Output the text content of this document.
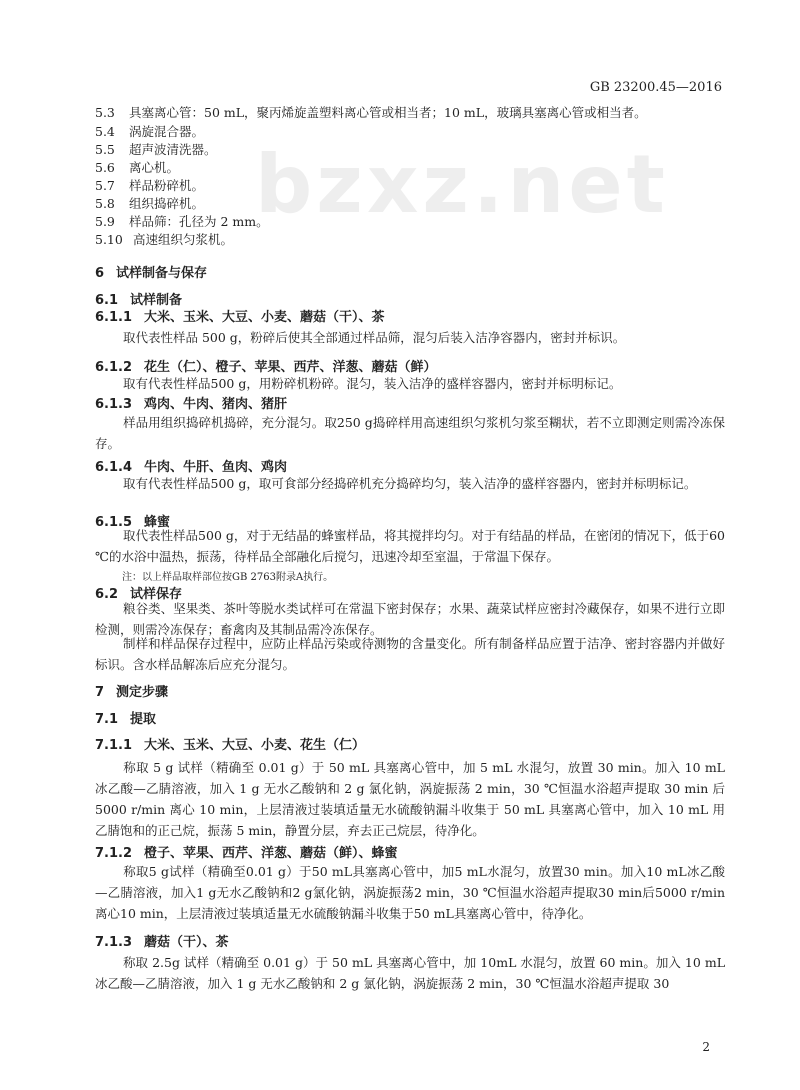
bzxz.net
GB 23200.45—2016
5.3 具塞离心管：50 mL，聚丙烯旋盖塑料离心管或相当者；10 mL，玻璃具塞离心管或相当者。
5.4 涡旋混合器。
5.5 超声波清洗器。
5.6 离心机。
5.7 样品粉碎机。
5.8 组织捣碎机。
5.9 样品筛：孔径为 2 mm。
5.10 高速组织匀浆机。
6 试样制备与保存
6.1 试样制备
6.1.1 大米、玉米、大豆、小麦、蘑菇（干）、茶
取代表性样品 500 g，粉碎后使其全部通过样品筛，混匀后装入洁净容器内，密封并标识。
6.1.2 花生（仁）、橙子、苹果、西芹、洋葱、蘑菇（鲜）
取有代表性样品500 g，用粉碎机粉碎。混匀，装入洁净的盛样容器内，密封并标明标记。
6.1.3 鸡肉、牛肉、猪肉、猪肝
样品用组织捣碎机捣碎，充分混匀。取250 g捣碎样用高速组织匀浆机匀浆至糊状，若不立即测定则需冷冻保存。
6.1.4 牛肉、牛肝、鱼肉、鸡肉
取有代表性样品500 g，取可食部分经捣碎机充分捣碎均匀，装入洁净的盛样容器内，密封并标明标记。
6.1.5 蜂蜜
取代表性样品500 g，对于无结晶的蜂蜜样品，将其搅拌均匀。对于有结晶的样品，在密闭的情况下，低于60 ℃的水浴中温热，振荡，待样品全部融化后搅匀，迅速冷却至室温，于常温下保存。
注：以上样品取样部位按GB 2763附录A执行。
6.2 试样保存
粮谷类、坚果类、茶叶等脱水类试样可在常温下密封保存；水果、蔬菜试样应密封冷藏保存，如果不进行立即检测，则需冷冻保存；畜禽肉及其制品需冷冻保存。
制样和样品保存过程中，应防止样品污染或待测物的含量变化。所有制备样品应置于洁净、密封容器内并做好标识。含水样品解冻后应充分混匀。
7 测定步骤
7.1 提取
7.1.1 大米、玉米、大豆、小麦、花生（仁）
称取 5 g 试样（精确至 0.01 g）于 50 mL 具塞离心管中，加 5 mL 水混匀，放置 30 min。加入 10 mL 冰乙酸—乙腈溶液，加入 1 g 无水乙酸钠和 2 g 氯化钠，涡旋振荡 2 min，30 ℃恒温水浴超声提取 30 min 后 5000 r/min 离心 10 min，上层清液过装填适量无水硫酸钠漏斗收集于 50 mL 具塞离心管中，加入 10 mL 用乙腈饱和的正己烷，振荡 5 min，静置分层，弃去正己烷层，待净化。
7.1.2 橙子、苹果、西芹、洋葱、蘑菇（鲜）、蜂蜜
称取5 g试样（精确至0.01 g）于50 mL具塞离心管中，加5 mL水混匀，放置30 min。加入10 mL冰乙酸—乙腈溶液，加入1 g无水乙酸钠和2 g氯化钠，涡旋振荡2 min，30 ℃恒温水浴超声提取30 min后5000 r/min离心10 min，上层清液过装填适量无水硫酸钠漏斗收集于50 mL具塞离心管中，待净化。
7.1.3 蘑菇（干）、茶
称取 2.5g 试样（精确至 0.01 g）于 50 mL 具塞离心管中，加 10mL 水混匀，放置 60 min。加入 10 mL 冰乙酸—乙腈溶液，加入 1 g 无水乙酸钠和 2 g 氯化钠，涡旋振荡 2 min，30 ℃恒温水浴超声提取 30
2
